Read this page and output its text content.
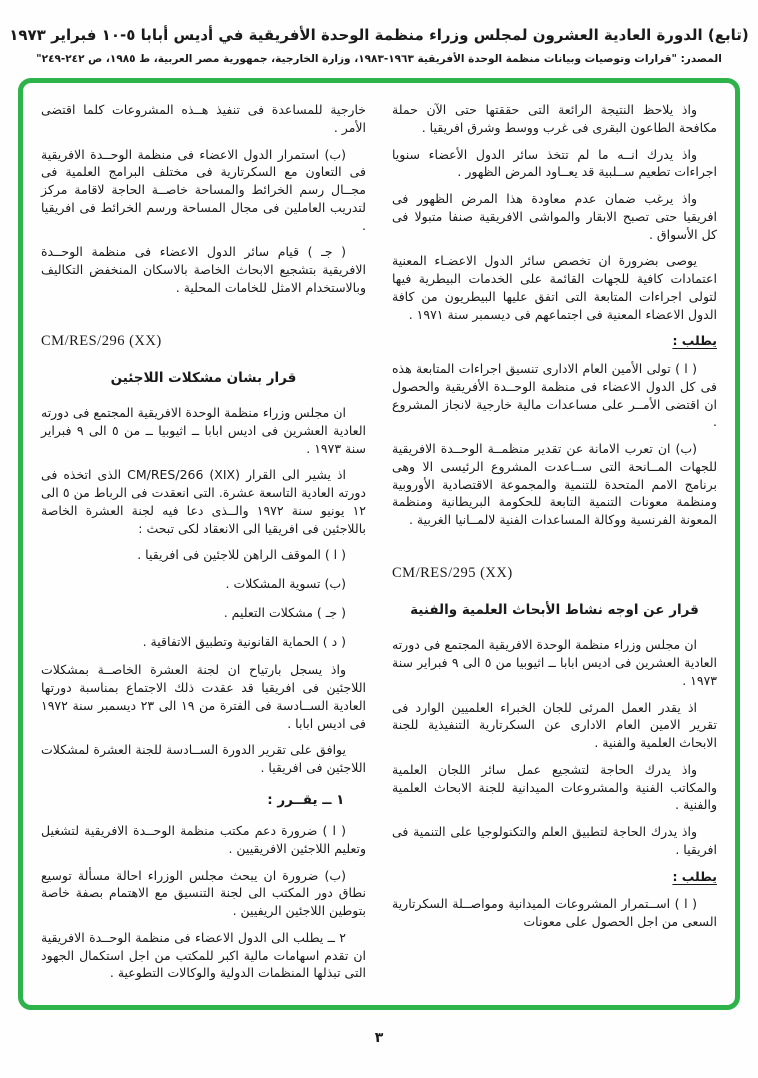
(تابع) الدورة العادية العشرون لمجلس وزراء منظمة الوحدة الأفريقية في أديس أبابا ٥-١٠ فبراير ١٩٧٣
المصدر: "قرارات وتوصيات وبيانات منظمة الوحدة الأفريقية ١٩٦٣-١٩٨٣، وزارة الخارجية، جمهورية مصر العربية، ط ١٩٨٥، ص ٢٤٢-٢٤٩"

واذ يلاحظ النتيجة الرائعة التى حققتها حتى الآن حملة مكافحة الطاعون البقرى فى غرب ووسط وشرق افريقيا .

واذ يدرك انــه ما لم تتخذ سائر الدول الأعضاء سنويا اجراءات تطعيم ســلبية قد يعــاود المرض الظهور .

واذ يرغب ضمان عدم معاودة هذا المرض الظهور فى افريقيا حتى تصبح الابقار والمواشى الافريقية صنفا متبولا فى كل الأسواق .

يوصى بضرورة ان تخصص سائر الدول الاعضـاء المعنية اعتمادات كافية للجهات القائمة على الخدمات البيطرية فيها لتولى اجراءات المتابعة التى اتفق عليها البيطريون من كافة الدول الاعضاء المعنية فى اجتماعهم فى ديسمبر سنة ١٩٧١ .

يطلب :

( ا ) تولى الأمين العام الادارى تنسيق اجراءات المتابعة هذه فى كل الدول الاعضاء فى منظمة الوحــدة الأفريقية والحصول ان اقتضى الأمــر على مساعدات مالية خارجية لانجاز المشروع .

(ب) ان تعرب الامانة عن تقدير منظمــة الوحــدة الافريقية للجهات المــانحة التى ســاعدت المشروع الرئيسى الا وهى برنامج الامم المتحدة للتنمية والمجموعة الاقتصادية الأوروبية ومنظمة معونات التنمية التابعة للحكومة البريطانية ومنظمة المعونة الفرنسية ووكالة المساعدات الفنية لالمــانيا الغربية .

CM/RES/295 (XX)

قرار عن اوجه نشاط الأبحاث العلمية والفنية

ان مجلس وزراء منظمة الوحدة الافريقية المجتمع فى دورته العادية العشرين فى اديس ابابا ــ اثيوبيا من ٥ الى ٩ فبراير سنة ١٩٧٣ .

اذ يقدر العمل المرئى للجان الخبراء العلميين الوارد فى تقرير الامين العام الادارى عن السكرتارية التنفيذية للجنة الابحاث العلمية والفنية .

واذ يدرك الحاجة لتشجيع عمل سائر اللجان العلمية والمكاتب الفنية والمشروعات الميدانية للجنة الابحاث العلمية والفنية .

واذ يدرك الحاجة لتطبيق العلم والتكنولوجيا على التنمية فى افريقيا .

يطلب :

( ا ) اســتمرار المشروعات الميدانية ومواصــلة السكرتارية السعى من اجل الحصول على معونات

خارجية للمساعدة فى تنفيذ هــذه المشروعات كلما اقتضى الأمر .

(ب) استمرار الدول الاعضاء فى منظمة الوحــدة الافريقية فى التعاون مع السكرتارية فى مختلف البرامج العلمية فى مجــال رسم الخرائط والمساحة خاصــة الحاجة لاقامة مركز لتدريب العاملين فى مجال المساحة ورسم الخرائط فى افريقيا .

( جـ ) قيام سائر الدول الاعضاء فى منظمة الوحــدة الافريقية بتشجيع الابحاث الخاصة بالاسكان المنخفض التكاليف وبالاستخدام الامثل للخامات المحلية .

CM/RES/296 (XX)

قرار بشان مشكلات اللاجئين

ان مجلس وزراء منظمة الوحدة الافريقية المجتمع فى دورته العادية العشرين فى اديس ابابا ــ اثيوبيا ــ من ٥ الى ٩ فبراير سنة ١٩٧٣ .

اذ يشير الى القرار CM/RES/266 (XIX) الذى اتخذه فى دورته العادية التاسعة عشرة. التى انعقدت فى الرباط من ٥ الى ١٢ يونيو سنة ١٩٧٢ والــذى دعا فيه لجنة العشرة الخاصة باللاجئين فى افريقيا الى الانعقاد لكى تبحث :

( ا ) الموقف الراهن للاجئين فى افريقيا .

(ب) تسوية المشكلات .

( جـ ) مشكلات التعليم .

( د ) الحماية القانونية وتطبيق الاتفاقية .

واذ يسجل بارتياح ان لجنة العشرة الخاصــة بمشكلات اللاجئين فى افريقيا قد عقدت ذلك الاجتماع بمناسبة دورتها العادية الســادسة فى الفترة من ١٩ الى ٢٣ ديسمبر سنة ١٩٧٢ فى اديس ابابا .

يوافق على تقرير الدورة الســادسة للجنة العشرة لمشكلات اللاجئين فى افريقيا .

١ ــ يقــرر :

( ا ) ضرورة دعم مكتب منظمة الوحــدة الافريقية لتشغيل وتعليم اللاجئين الافريقيين .

(ب) ضرورة ان يبحث مجلس الوزراء احالة مسألة توسيع نطاق دور المكتب الى لجنة التنسيق مع الاهتمام بصفة خاصة بتوطين اللاجئين الريفيين .

٢ ــ يطلب الى الدول الاعضاء فى منظمة الوحــدة الافريقية ان تقدم اسهامات مالية اكبر للمكتب من اجل استكمال الجهود التى تبذلها المنظمات الدولية والوكالات التطوعية .

٣
